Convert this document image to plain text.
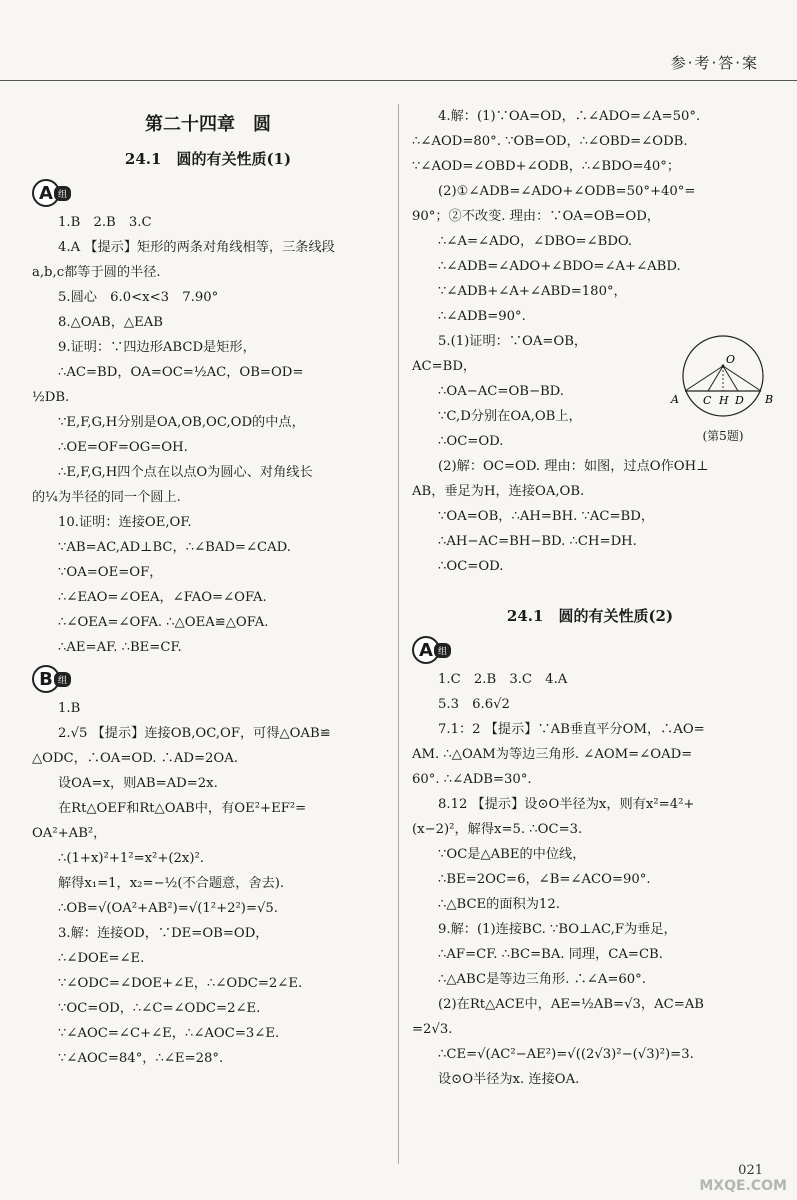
参·考·答·案
第二十四章　圆
24.1　圆的有关性质(1)
A 组
1.B　2.B　3.C
4.A 【提示】矩形的两条对角线相等，三条线段
a,b,c都等于圆的半径.
5.圆心　6.0<x<3　7.90°
8.△OAB，△EAB
9.证明：∵四边形ABCD是矩形，
∴AC=BD，OA=OC=½AC，OB=OD=
½DB.
∵E,F,G,H分别是OA,OB,OC,OD的中点，
∴OE=OF=OG=OH.
∴E,F,G,H四个点在以点O为圆心、对角线长
的¼为半径的同一个圆上.
10.证明：连接OE,OF.
∵AB=AC,AD⊥BC，∴∠BAD=∠CAD.
∵OA=OE=OF，
∴∠EAO=∠OEA，∠FAO=∠OFA.
∴∠OEA=∠OFA. ∴△OEA≌△OFA.
∴AE=AF. ∴BE=CF.
B 组
1.B
2.√5 【提示】连接OB,OC,OF，可得△OAB≌
△ODC，∴OA=OD. ∴AD=2OA.
设OA=x，则AB=AD=2x.
在Rt△OEF和Rt△OAB中，有OE²+EF²=
OA²+AB²，
∴(1+x)²+1²=x²+(2x)².
解得x₁=1，x₂=−½(不合题意，舍去).
∴OB=√(OA²+AB²)=√(1²+2²)=√5.
3.解：连接OD，∵DE=OB=OD，
∴∠DOE=∠E.
∵∠ODC=∠DOE+∠E，∴∠ODC=2∠E.
∵OC=OD，∴∠C=∠ODC=2∠E.
∵∠AOC=∠C+∠E，∴∠AOC=3∠E.
∵∠AOC=84°，∴∠E=28°.
4.解：(1)∵OA=OD，∴∠ADO=∠A=50°.
∴∠AOD=80°. ∵OB=OD，∴∠OBD=∠ODB.
∵∠AOD=∠OBD+∠ODB，∴∠BDO=40°；
(2)①∠ADB=∠ADO+∠ODB=50°+40°=
90°；②不改变. 理由：∵OA=OB=OD，
∴∠A=∠ADO，∠DBO=∠BDO.
∴∠ADB=∠ADO+∠BDO=∠A+∠ABD.
∵∠ADB+∠A+∠ABD=180°，
∴∠ADB=90°.
5.(1)证明：∵OA=OB，
AC=BD，
∴OA−AC=OB−BD.
∵C,D分别在OA,OB上，
∴OC=OD.
(2)解：OC=OD. 理由：如图，过点O作OH⊥
AB，垂足为H，连接OA,OB.
∵OA=OB，∴AH=BH. ∵AC=BD，
∴AH−AC=BH−BD. ∴CH=DH.
∴OC=OD.
24.1　圆的有关性质(2)
A 组
1.C　2.B　3.C　4.A
5.3　6.6√2
7.1：2 【提示】∵AB垂直平分OM，∴AO=
AM. ∴△OAM为等边三角形. ∠AOM=∠OAD=
60°. ∴∠ADB=30°.
8.12 【提示】设⊙O半径为x，则有x²=4²+
(x−2)²，解得x=5. ∴OC=3.
∵OC是△ABE的中位线，
∴BE=2OC=6，∠B=∠ACO=90°.
∴△BCE的面积为12.
9.解：(1)连接BC. ∵BO⊥AC,F为垂足，
∴AF=CF. ∴BC=BA. 同理，CA=CB.
∴△ABC是等边三角形. ∴∠A=60°.
(2)在Rt△ACE中，AE=½AB=√3，AC=AB
=2√3.
∴CE=√(AC²−AE²)=√((2√3)²−(√3)²)=3.
设⊙O半径为x. 连接OA.
O
A	B
C H D
(第5题)
021
MXQE.COM
